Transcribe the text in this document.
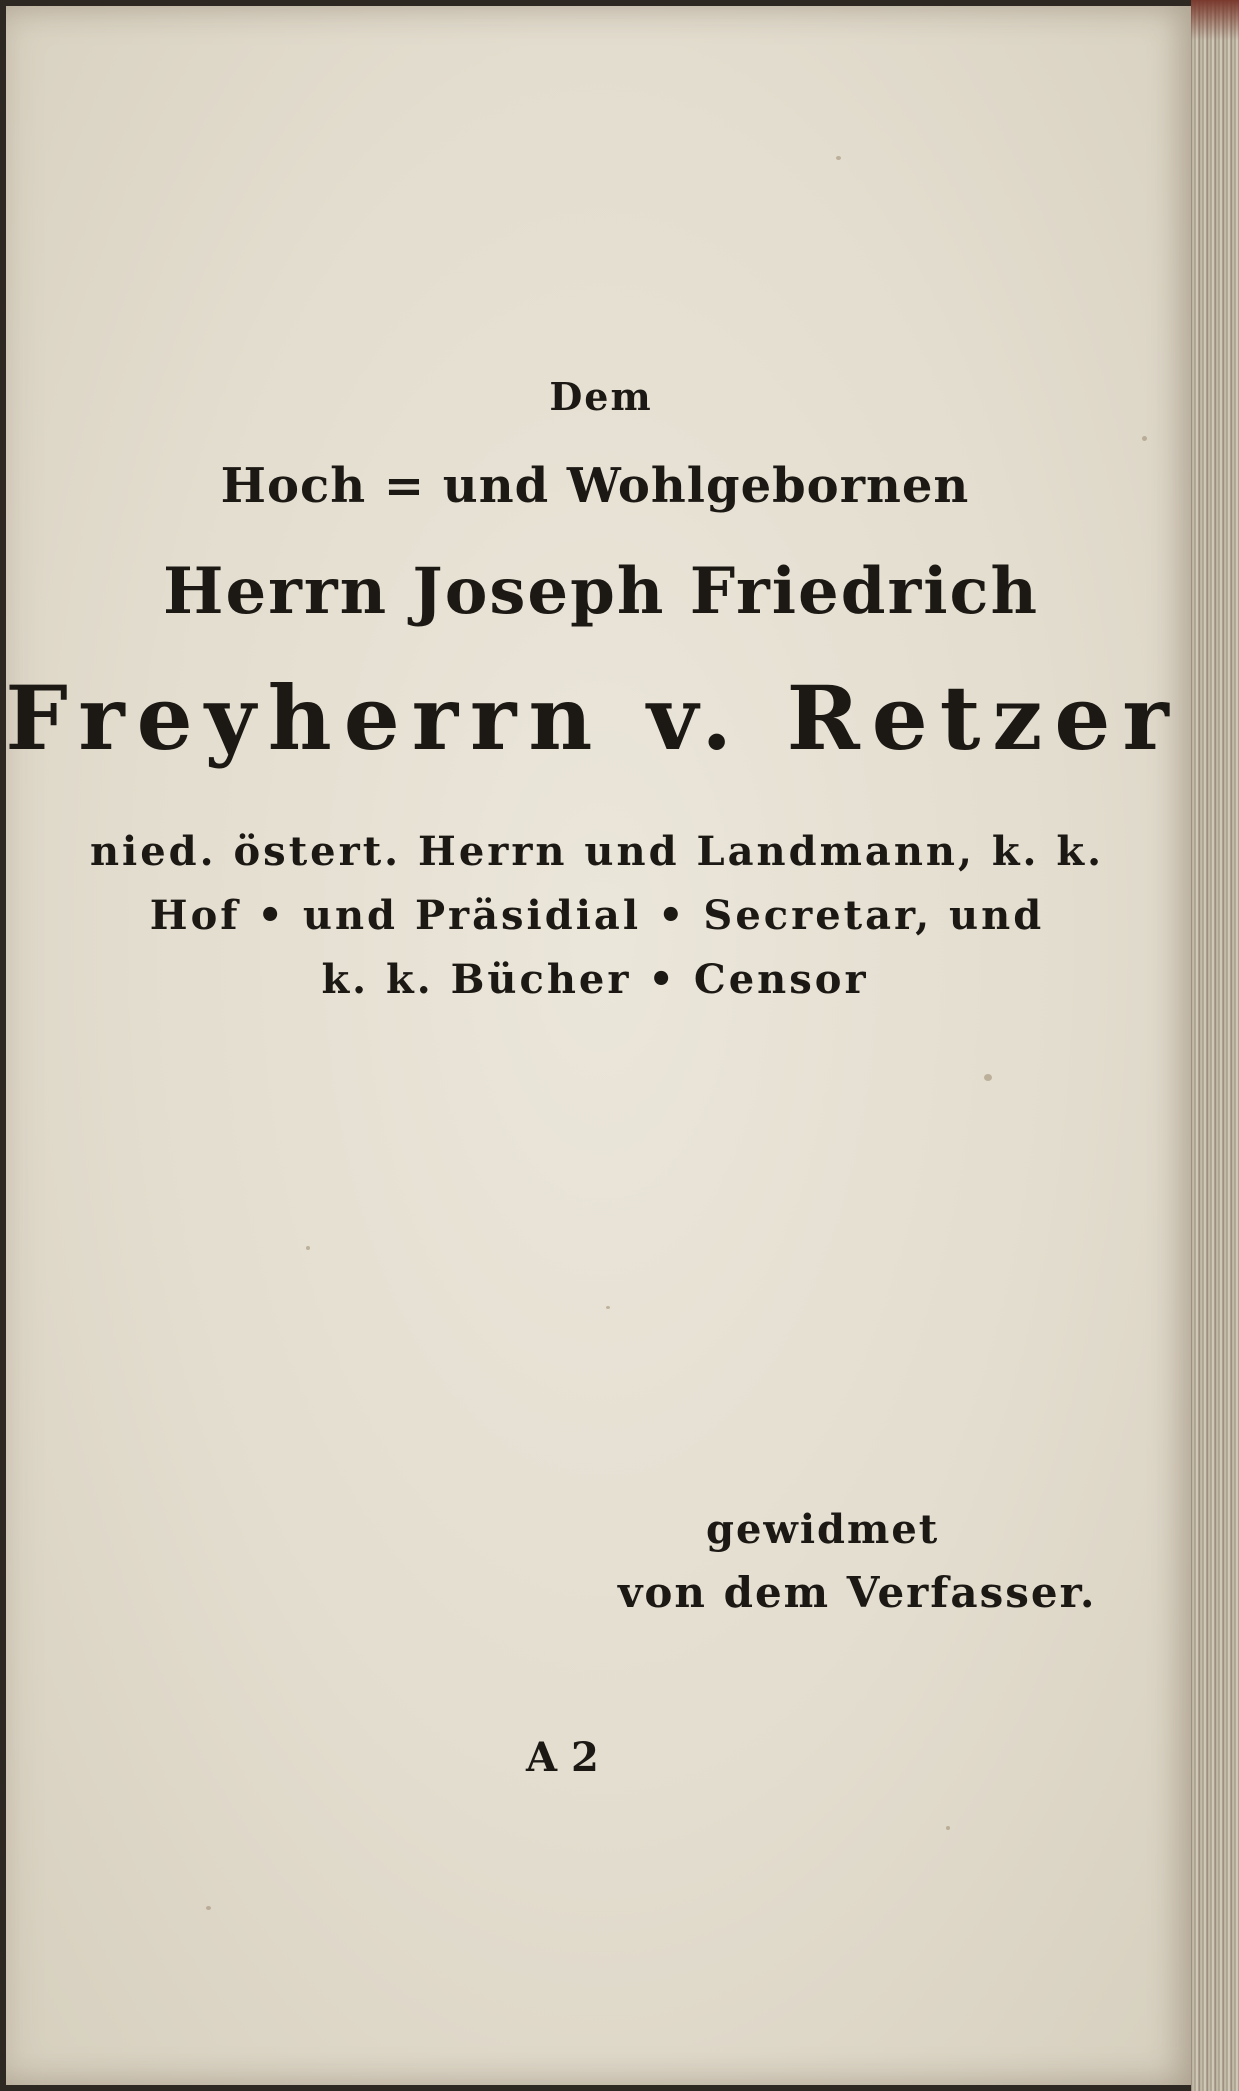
Dem
Hoch = und Wohlgebornen
Herrn Joseph Friedrich
Freyherrn v. Retzer
nied. östert. Herrn und Landmann, k. k.
Hof • und Präsidial • Secretar, und
k. k. Bücher • Censor
gewidmet
von dem Verfasser.
A 2
